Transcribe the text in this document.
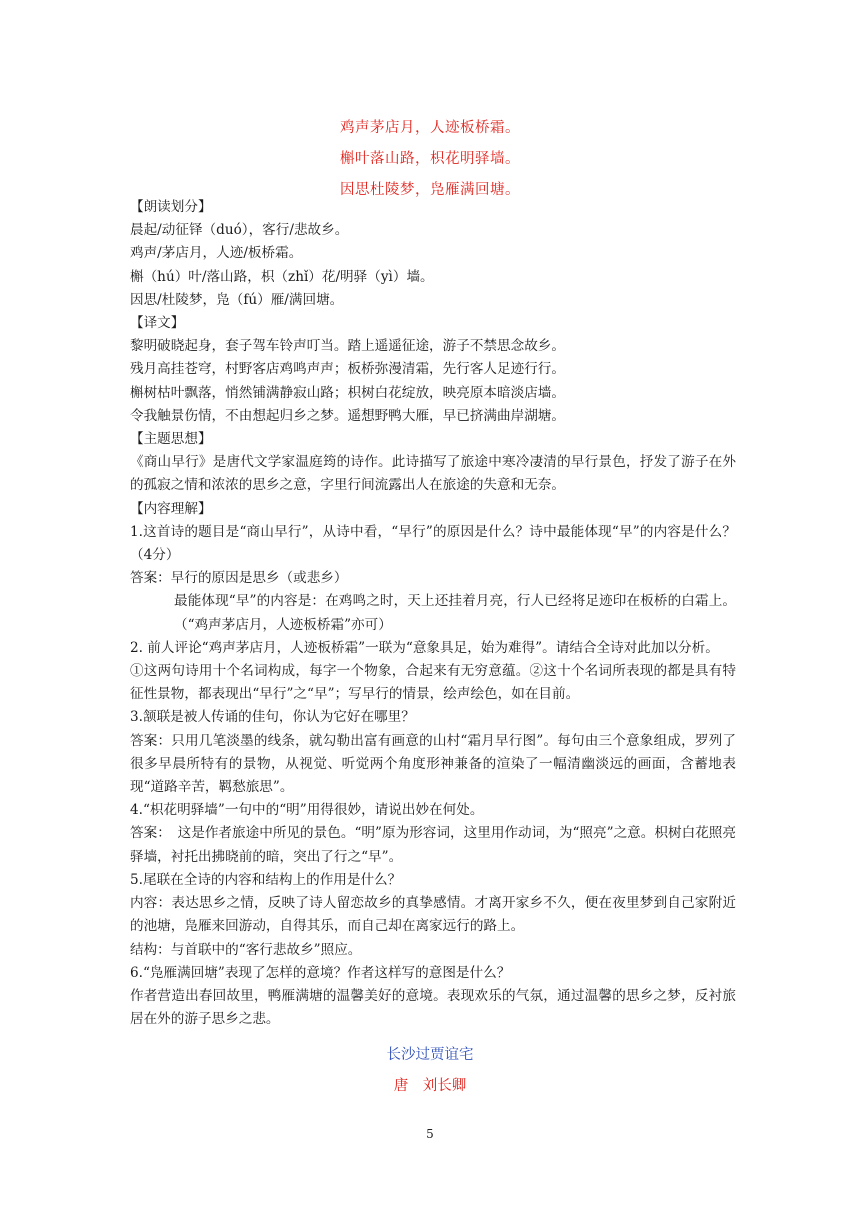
鸡声茅店月，人迹板桥霜。
槲叶落山路，枳花明驿墙。
因思杜陵梦，凫雁满回塘。

【朗读划分】

晨起/动征铎（duó），客行/悲故乡。

鸡声/茅店月，人迹/板桥霜。

槲（hú）叶/落山路，枳（zhǐ）花/明驿（yì）墙。

因思/杜陵梦，凫（fú）雁/满回塘。

【译文】

黎明破晓起身，套子驾车铃声叮当。踏上遥遥征途，游子不禁思念故乡。

残月高挂苍穹，村野客店鸡鸣声声；板桥弥漫清霜，先行客人足迹行行。

槲树枯叶飘落，悄然铺满静寂山路；枳树白花绽放，映亮原本暗淡店墙。

令我触景伤情，不由想起归乡之梦。遥想野鸭大雁，早已挤满曲岸湖塘。

【主题思想】

《商山早行》是唐代文学家温庭筠的诗作。此诗描写了旅途中寒冷凄清的早行景色，抒发了游子在外的孤寂之情和浓浓的思乡之意，字里行间流露出人在旅途的失意和无奈。

【内容理解】

1.这首诗的题目是“商山早行”，从诗中看，“早行”的原因是什么？诗中最能体现“早”的内容是什么？（4分）

答案：早行的原因是思乡（或悲乡）

最能体现“早”的内容是：在鸡鸣之时，天上还挂着月亮，行人已经将足迹印在板桥的白霜上。（“鸡声茅店月，人迹板桥霜”亦可）

2. 前人评论“鸡声茅店月，人迹板桥霜”一联为“意象具足，始为难得”。请结合全诗对此加以分析。

①这两句诗用十个名词构成，每字一个物象，合起来有无穷意蕴。②这十个名词所表现的都是具有特征性景物，都表现出“早行”之“早”；写早行的情景，绘声绘色，如在目前。

3.颔联是被人传诵的佳句，你认为它好在哪里？

答案：只用几笔淡墨的线条，就勾勒出富有画意的山村“霜月早行图”。每句由三个意象组成，罗列了很多早晨所特有的景物，从视觉、听觉两个角度形神兼备的渲染了一幅清幽淡远的画面，含蓄地表现“道路辛苦，羁愁旅思”。

4.“枳花明驿墙”一句中的“明”用得很妙，请说出妙在何处。

答案：　这是作者旅途中所见的景色。“明”原为形容词，这里用作动词，为“照亮”之意。枳树白花照亮驿墙，衬托出拂晓前的暗，突出了行之“早”。

5.尾联在全诗的内容和结构上的作用是什么？

内容：表达思乡之情，反映了诗人留恋故乡的真挚感情。才离开家乡不久，便在夜里梦到自己家附近的池塘，凫雁来回游动，自得其乐，而自己却在离家远行的路上。

结构：与首联中的“客行悲故乡”照应。

6.“凫雁满回塘”表现了怎样的意境？作者这样写的意图是什么？

作者营造出春回故里，鸭雁满塘的温馨美好的意境。表现欢乐的气氛，通过温馨的思乡之梦，反衬旅居在外的游子思乡之悲。

长沙过贾谊宅
唐　刘长卿
5
